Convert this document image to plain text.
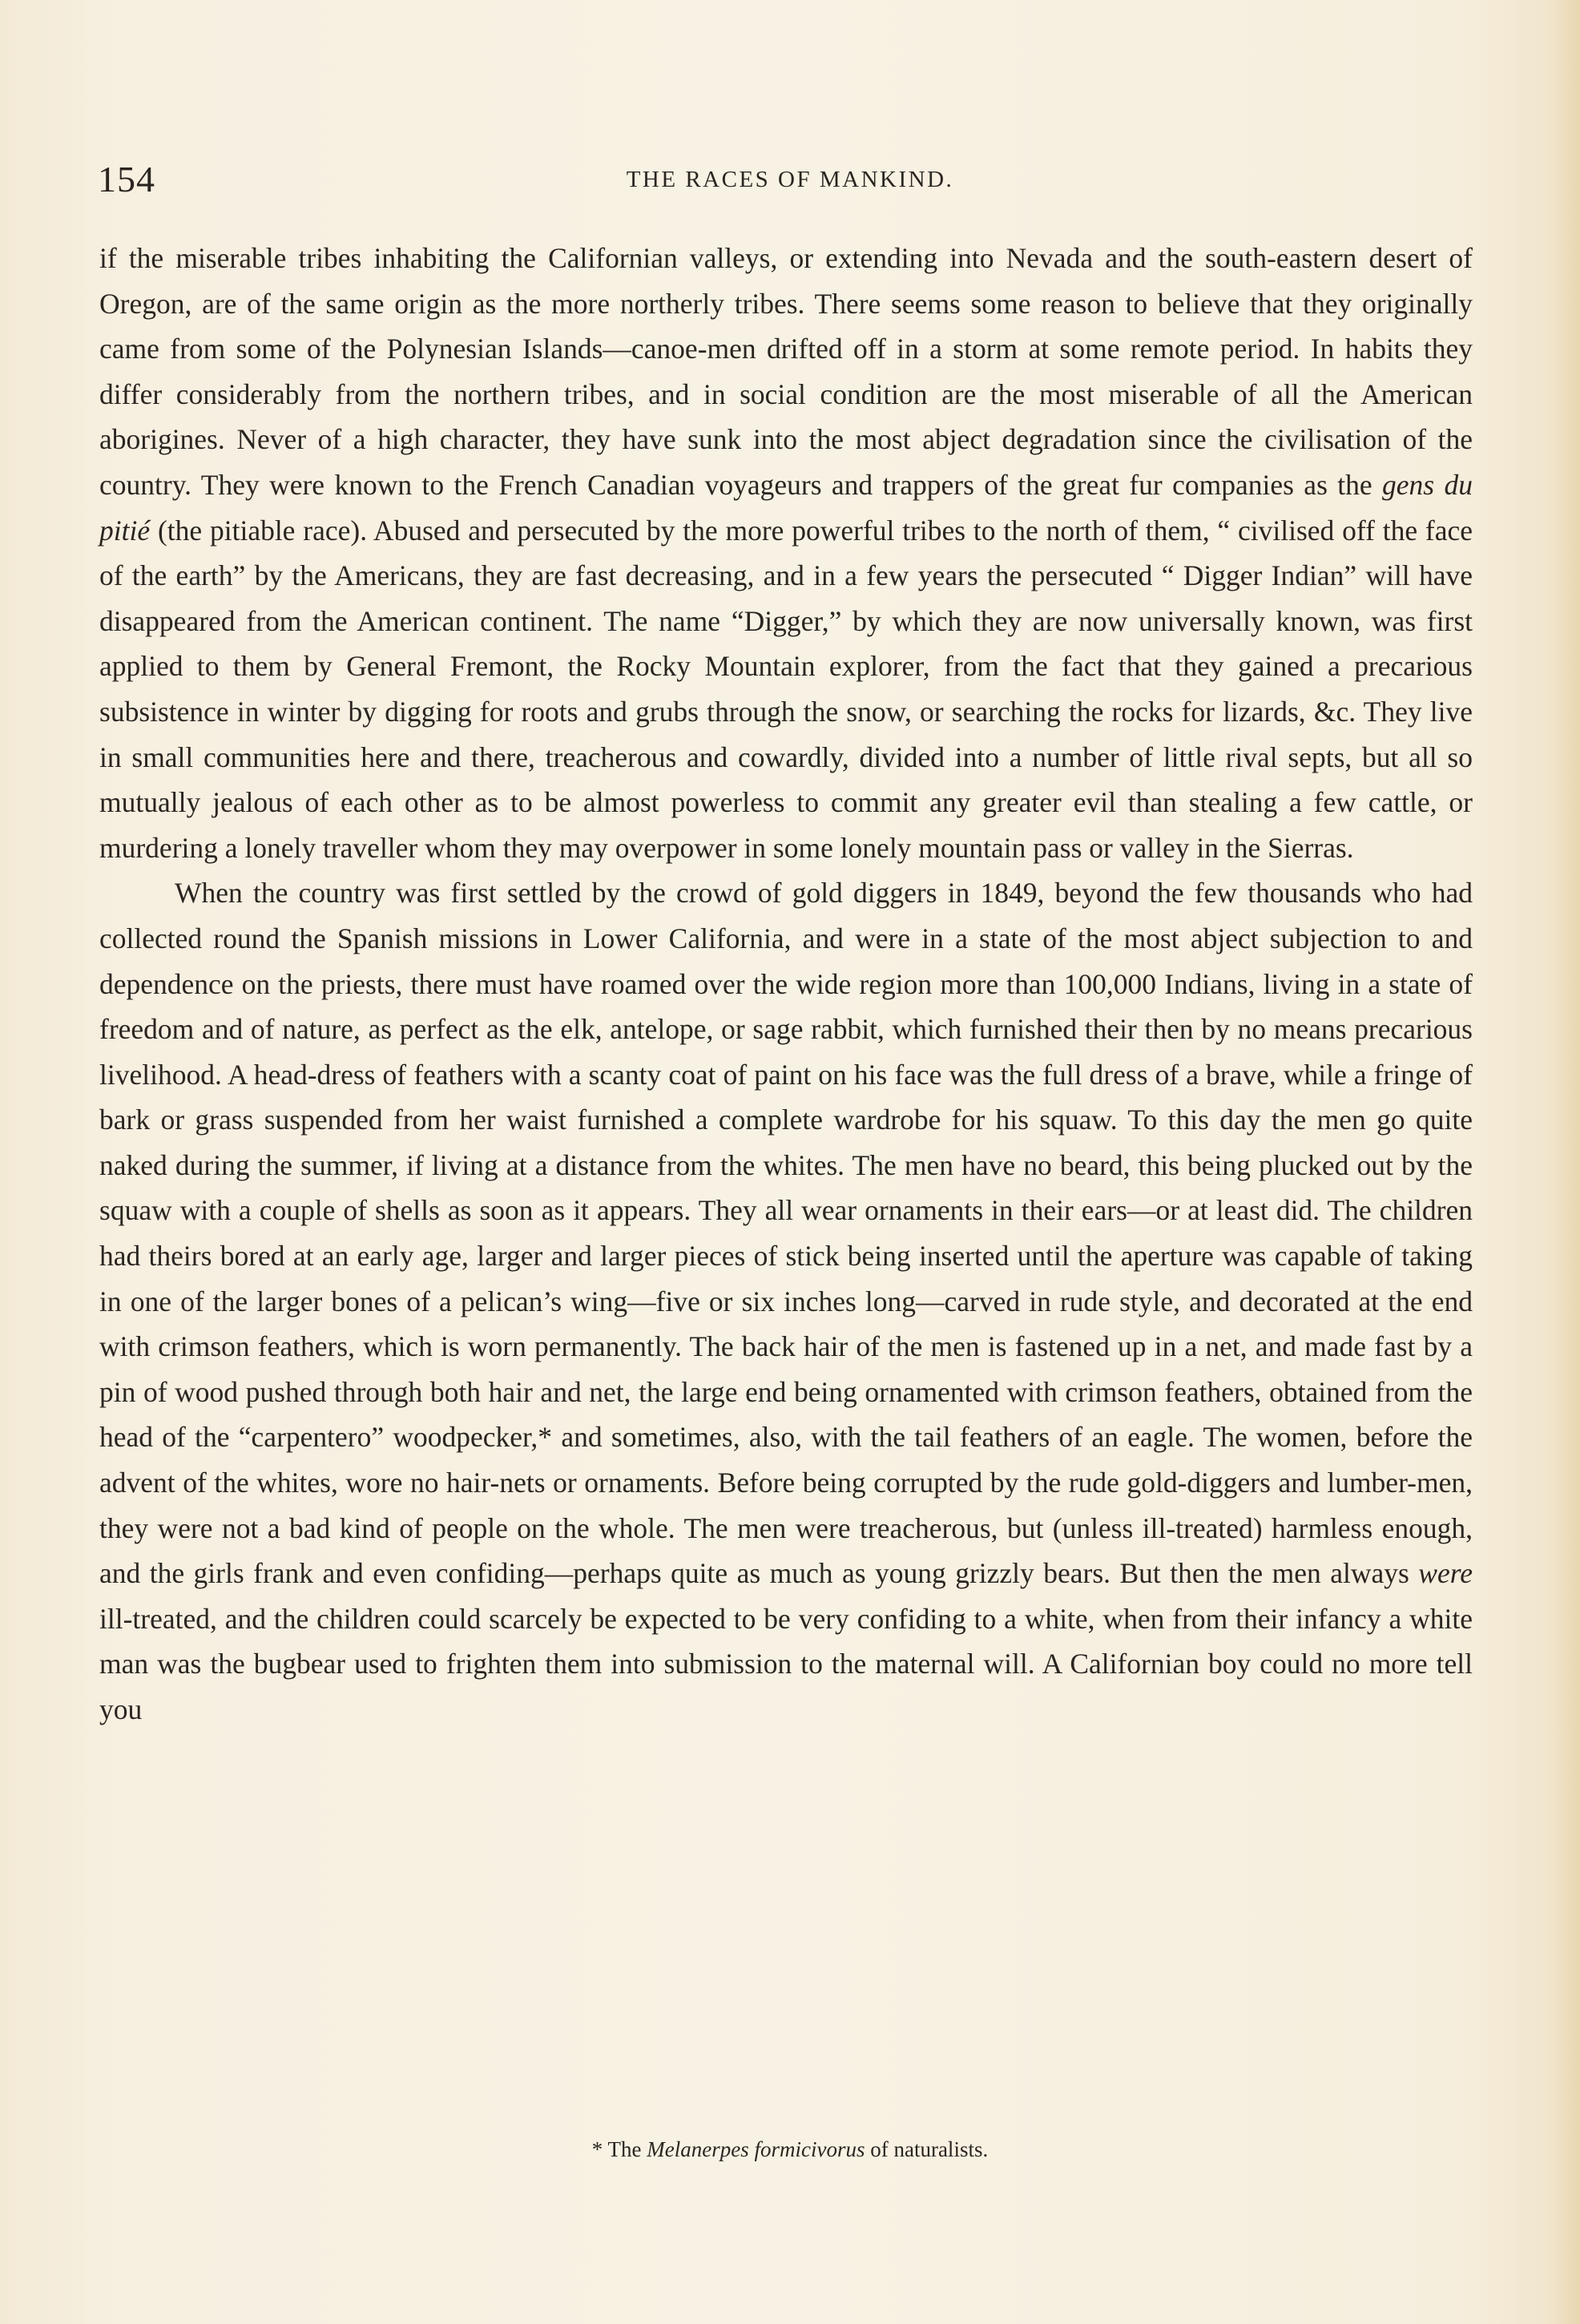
154	THE RACES OF MANKIND.

if the miserable tribes inhabiting the Californian valleys, or extending into Nevada and the south-eastern desert of Oregon, are of the same origin as the more northerly tribes. There seems some reason to believe that they originally came from some of the Polynesian Islands—canoe-men drifted off in a storm at some remote period. In habits they differ considerably from the northern tribes, and in social condition are the most miserable of all the American aborigines. Never of a high character, they have sunk into the most abject degradation since the civilisation of the country. They were known to the French Canadian voyageurs and trappers of the great fur companies as the gens du pitié (the pitiable race). Abused and persecuted by the more powerful tribes to the north of them, “ civilised off the face of the earth” by the Americans, they are fast decreasing, and in a few years the persecuted “ Digger Indian” will have disappeared from the American continent. The name “Digger,” by which they are now universally known, was first applied to them by General Fremont, the Rocky Mountain explorer, from the fact that they gained a precarious subsistence in winter by digging for roots and grubs through the snow, or searching the rocks for lizards, &c. They live in small communities here and there, treacherous and cowardly, divided into a number of little rival septs, but all so mutually jealous of each other as to be almost powerless to commit any greater evil than stealing a few cattle, or murdering a lonely traveller whom they may overpower in some lonely mountain pass or valley in the Sierras.

When the country was first settled by the crowd of gold diggers in 1849, beyond the few thousands who had collected round the Spanish missions in Lower California, and were in a state of the most abject subjection to and dependence on the priests, there must have roamed over the wide region more than 100,000 Indians, living in a state of freedom and of nature, as perfect as the elk, antelope, or sage rabbit, which furnished their then by no means precarious livelihood. A head-dress of feathers with a scanty coat of paint on his face was the full dress of a brave, while a fringe of bark or grass suspended from her waist furnished a complete wardrobe for his squaw. To this day the men go quite naked during the summer, if living at a distance from the whites. The men have no beard, this being plucked out by the squaw with a couple of shells as soon as it appears. They all wear ornaments in their ears—or at least did. The children had theirs bored at an early age, larger and larger pieces of stick being inserted until the aperture was capable of taking in one of the larger bones of a pelican’s wing—five or six inches long—carved in rude style, and decorated at the end with crimson feathers, which is worn permanently. The back hair of the men is fastened up in a net, and made fast by a pin of wood pushed through both hair and net, the large end being ornamented with crimson feathers, obtained from the head of the “carpentero” woodpecker,* and sometimes, also, with the tail feathers of an eagle. The women, before the advent of the whites, wore no hair-nets or ornaments. Before being corrupted by the rude gold-diggers and lumber-men, they were not a bad kind of people on the whole. The men were treacherous, but (unless ill-treated) harmless enough, and the girls frank and even confiding—perhaps quite as much as young grizzly bears. But then the men always were ill-treated, and the children could scarcely be expected to be very confiding to a white, when from their infancy a white man was the bugbear used to frighten them into submission to the maternal will. A Californian boy could no more tell you

* The Melanerpes formicivorus of naturalists.
